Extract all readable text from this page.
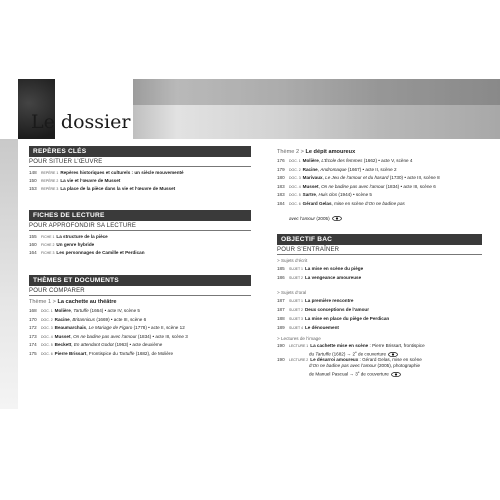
Le dossier
REPÈRES CLÉS
POUR SITUER L’ŒUVRE
148 REPÈRE 1 Repères historiques et culturels : un siècle mouvementé
150 REPÈRE 2 La vie et l’œuvre de Musset
153 REPÈRE 3 La place de la pièce dans la vie et l’œuvre de Musset
FICHES DE LECTURE
POUR APPROFONDIR SA LECTURE
155 FICHE 1 La structure de la pièce
160 FICHE 2 Un genre hybride
164 FICHE 3 Les personnages de Camille et Perdican
THÈMES ET DOCUMENTS
POUR COMPARER
Thème 1 > La cachette au théâtre
168 DOC. 1 Molière, Tartuffe (1664) • acte IV, scène 5
170 DOC. 2 Racine, Britannicus (1669) • acte III, scène 6
172 DOC. 3 Beaumarchais, Le Mariage de Figaro (1778) • acte II, scène 12
173 DOC. 4 Musset, On ne badine pas avec l’amour (1834) • acte III, scène 3
174 DOC. 5 Beckett, En attendant Godot (1963) • acte deuxième
175 DOC. 6 Pierre Brissart, Frontispice du Tartuffe (1682), de Molière
Thème 2 > Le dépit amoureux
176 DOC. 1 Molière, L’École des femmes (1662) • acte V, scène 4
179 DOC. 2 Racine, Andromaque (1667) • acte II, scène 2
180 DOC. 3 Marivaux, Le Jeu de l’amour et du hasard (1730) • acte III, scène 8
183 DOC. 4 Musset, On ne badine pas avec l’amour (1834) • acte III, scène 6
183 DOC. 5 Sartre, Huis clos (1944) • scène 5
184 DOC. 6 Gérard Gelas, mise en scène d’On ne badine pas
avec l’amour (2005)
OBJECTIF BAC
POUR S’ENTRAÎNER
> Sujets d’écrit
185 SUJET 1 La mise en scène du piège
186 SUJET 2 La vengeance amoureuse
> Sujets d’oral
187 SUJET 1 La première rencontre
187 SUJET 2 Deux conceptions de l’amour
188 SUJET 3 La mise en place du piège de Perdican
189 SUJET 4 Le dénouement
> Lectures de l’image
190 LECTURE 1 La cachette mise en scène : Pierre Brissart, frontispice
du Tartuffe $(1682) \to 2^e$ de couverture
190 LECTURE 2 Le désarroi amoureux : Gérard Gelas, mise en scène
d’On ne badine pas avec l’amour (2005), photographie
de Manuel Pascual → $3^e$ de couverture
